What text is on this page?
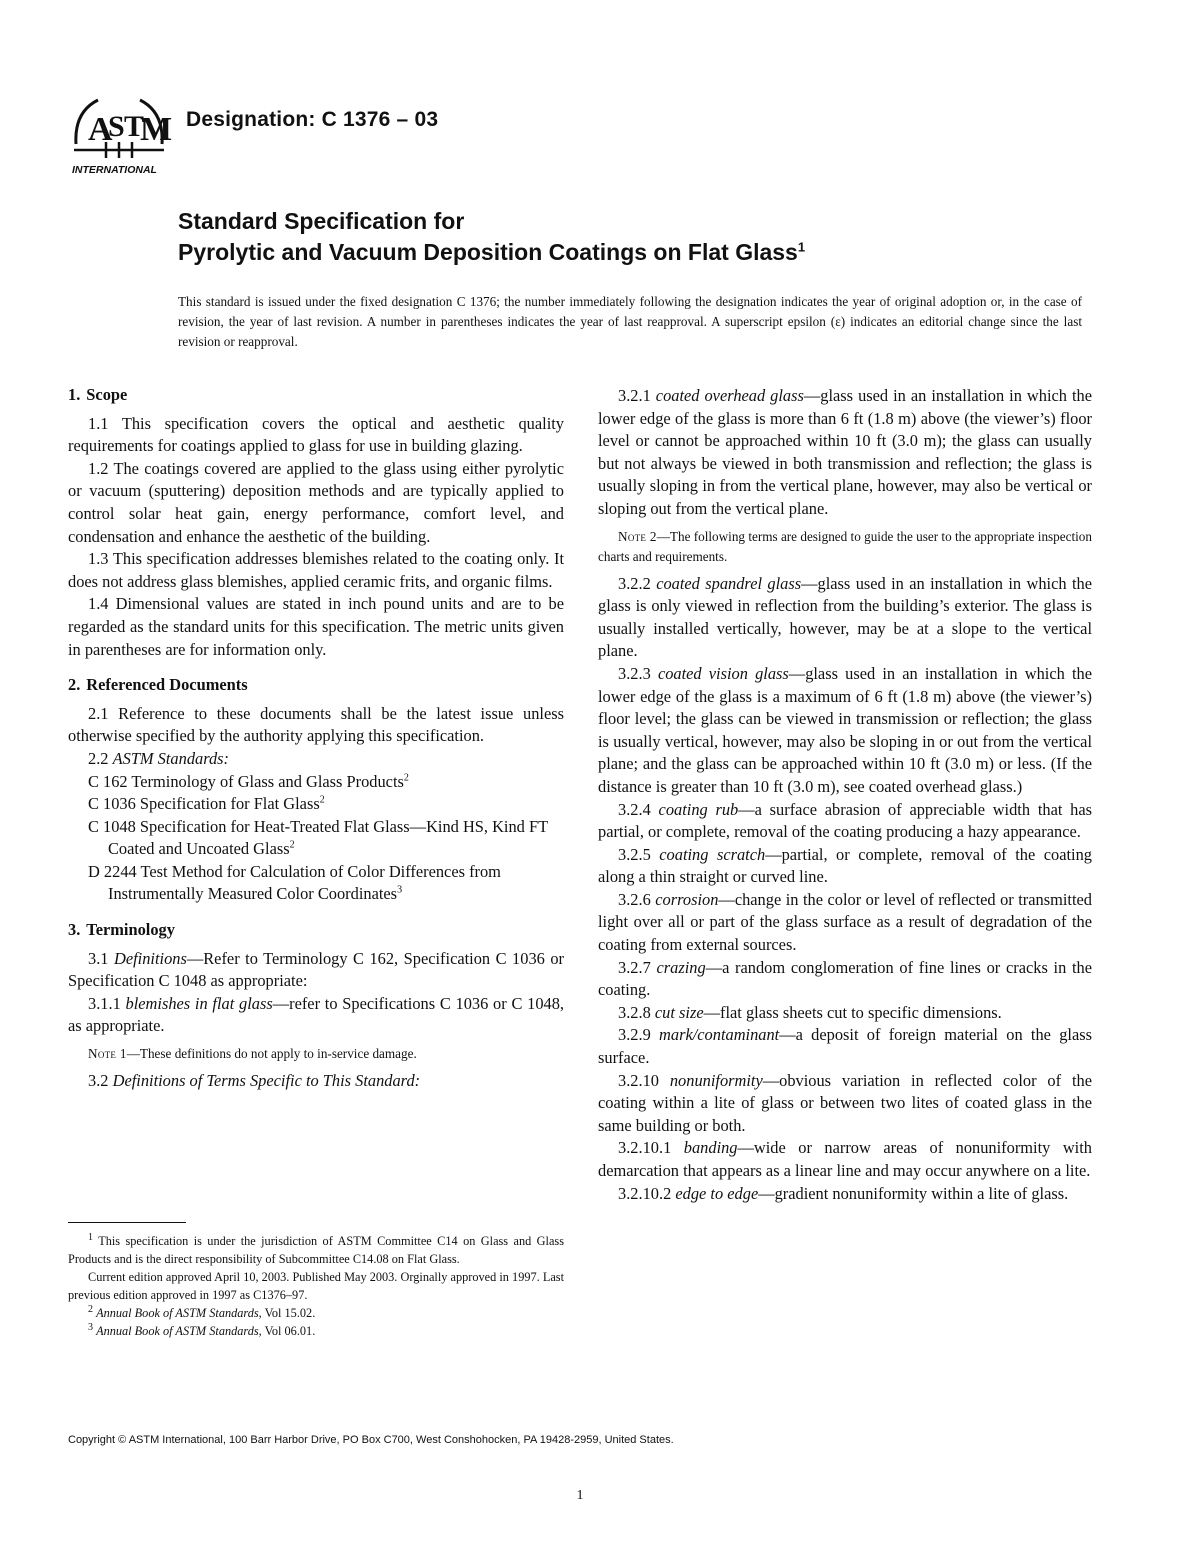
A
S T
M
INTERNATIONAL
Designation: C 1376 – 03
Standard Specification for
Pyrolytic and Vacuum Deposition Coatings on Flat Glass$^1$
This standard is issued under the fixed designation C 1376; the number immediately following the designation indicates the year of original adoption or, in the case of revision, the year of last revision. A number in parentheses indicates the year of last reapproval. A superscript epsilon (ε) indicates an editorial change since the last revision or reapproval.
1. Scope

1.1 This specification covers the optical and aesthetic quality requirements for coatings applied to glass for use in building glazing.

1.2 The coatings covered are applied to the glass using either pyrolytic or vacuum (sputtering) deposition methods and are typically applied to control solar heat gain, energy performance, comfort level, and condensation and enhance the aesthetic of the building.

1.3 This specification addresses blemishes related to the coating only. It does not address glass blemishes, applied ceramic frits, and organic films.

1.4 Dimensional values are stated in inch pound units and are to be regarded as the standard units for this specification. The metric units given in parentheses are for information only.

2. Referenced Documents

2.1 Reference to these documents shall be the latest issue unless otherwise specified by the authority applying this specification.

2.2 ASTM Standards:

C 162 Terminology of Glass and Glass Products$^2$

C 1036 Specification for Flat Glass$^2$

C 1048 Specification for Heat-Treated Flat Glass—Kind HS, Kind FT Coated and Uncoated Glass$^2$

D 2244 Test Method for Calculation of Color Differences from Instrumentally Measured Color Coordinates$^3$

3. Terminology

3.1 Definitions—Refer to Terminology C 162, Specification C 1036 or Specification C 1048 as appropriate:

3.1.1 blemishes in flat glass—refer to Specifications C 1036 or C 1048, as appropriate.

Note 1—These definitions do not apply to in-service damage.

3.2 Definitions of Terms Specific to This Standard:

$^1$ This specification is under the jurisdiction of ASTM Committee C14 on Glass and Glass Products and is the direct responsibility of Subcommittee C14.08 on Flat Glass.

Current edition approved April 10, 2003. Published May 2003. Orginally approved in 1997. Last previous edition approved in 1997 as C1376–97.

$^2$ Annual Book of ASTM Standards, Vol 15.02.

$^3$ Annual Book of ASTM Standards, Vol 06.01.

3.2.1 coated overhead glass—glass used in an installation in which the lower edge of the glass is more than 6 ft (1.8 m) above (the viewer’s) floor level or cannot be approached within 10 ft (3.0 m); the glass can usually but not always be viewed in both transmission and reflection; the glass is usually sloping in from the vertical plane, however, may also be vertical or sloping out from the vertical plane.

Note 2—The following terms are designed to guide the user to the appropriate inspection charts and requirements.

3.2.2 coated spandrel glass—glass used in an installation in which the glass is only viewed in reflection from the building’s exterior. The glass is usually installed vertically, however, may be at a slope to the vertical plane.

3.2.3 coated vision glass—glass used in an installation in which the lower edge of the glass is a maximum of 6 ft (1.8 m) above (the viewer’s) floor level; the glass can be viewed in transmission or reflection; the glass is usually vertical, however, may also be sloping in or out from the vertical plane; and the glass can be approached within 10 ft (3.0 m) or less. (If the distance is greater than 10 ft (3.0 m), see coated overhead glass.)

3.2.4 coating rub—a surface abrasion of appreciable width that has partial, or complete, removal of the coating producing a hazy appearance.

3.2.5 coating scratch—partial, or complete, removal of the coating along a thin straight or curved line.

3.2.6 corrosion—change in the color or level of reflected or transmitted light over all or part of the glass surface as a result of degradation of the coating from external sources.

3.2.7 crazing—a random conglomeration of fine lines or cracks in the coating.

3.2.8 cut size—flat glass sheets cut to specific dimensions.

3.2.9 mark/contaminant—a deposit of foreign material on the glass surface.

3.2.10 nonuniformity—obvious variation in reflected color of the coating within a lite of glass or between two lites of coated glass in the same building or both.

3.2.10.1 banding—wide or narrow areas of nonuniformity with demarcation that appears as a linear line and may occur anywhere on a lite.

3.2.10.2 edge to edge—gradient nonuniformity within a lite of glass.

Copyright © ASTM International, 100 Barr Harbor Drive, PO Box C700, West Conshohocken, PA 19428-2959, United States.
1
